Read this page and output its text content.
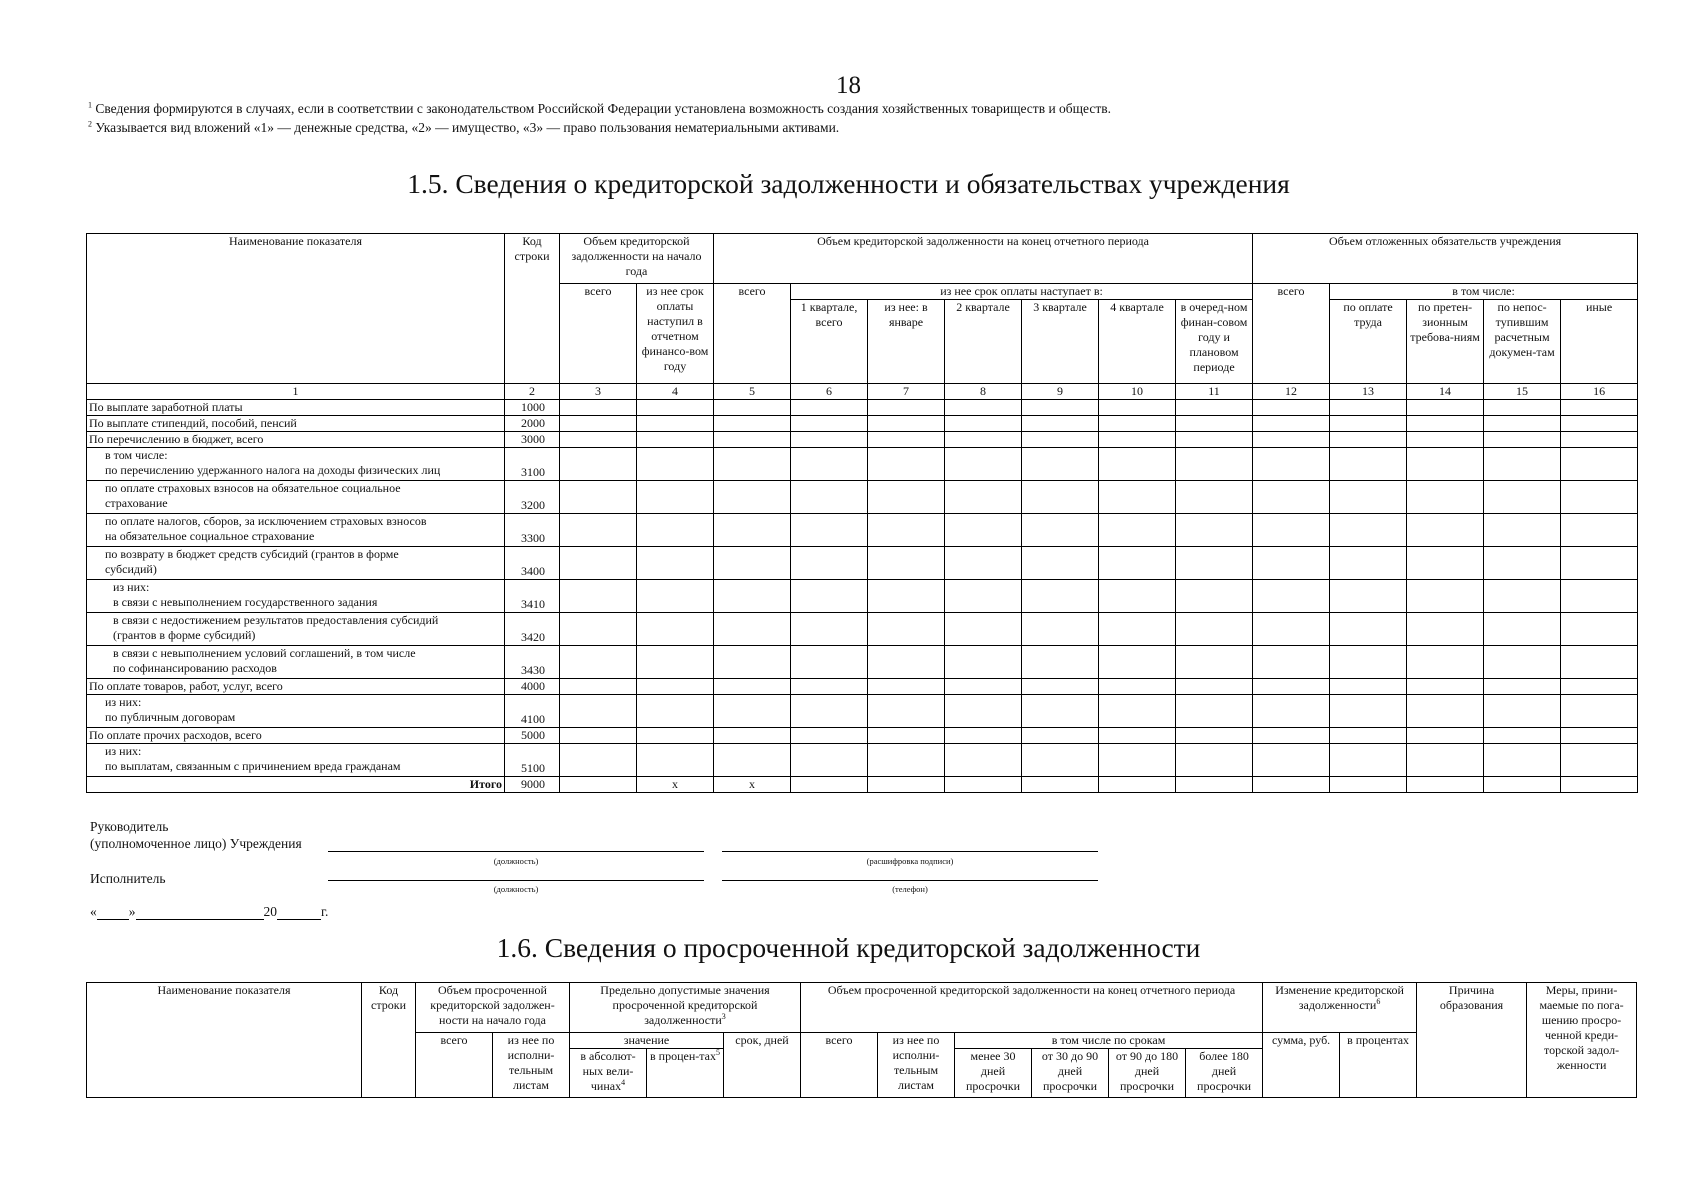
18
$^1$ Сведения формируются в случаях, если в соответствии с законодательством Российской Федерации установлена возможность создания хозяйственных товариществ и обществ.
$^2$ Указывается вид вложений «1» — денежные средства, «2» — имущество, «3» — право пользования нематериальными активами.
1.5. Сведения о кредиторской задолженности и обязательствах учреждения
Наименование показателя	Код строки	Объем кредиторской задолженности на начало года		Объем кредиторской задолженности на конец отчетного периода							Объем отложенных обязательств учреждения				
		всего	из нее срок оплаты наступил в отчетном финансо-вом году	всего	из нее срок оплаты наступает в:						всего	в том числе:			
					1 квартале, всего	из нее: в январе	2 квартале	3 квартале	4 квартале	в очеред-ном финан-совом году и плановом периоде		по оплате труда	по претен-зионным требова-ниям	по непос-тупившим расчетным докумен-там	иные
1	2	3	4	5	6	7	8	9	10	11	12	13	14	15	16

По выплате заработной платы	1000														

По выплате стипендий, пособий, пенсий	2000														

По перечислению в бюджет, всего	3000														

в том числе:
по перечислению удержанного налога на доходы физических лиц	3100														

по оплате страховых взносов на обязательное социальное
страхование	3200														

по оплате налогов, сборов, за исключением страховых взносов
на обязательное социальное страхование	3300														

по возврату в бюджет средств субсидий (грантов в форме
субсидий)	3400														

из них:
в связи с невыполнением государственного задания	3410														

в связи с недостижением результатов предоставления субсидий
(грантов в форме субсидий)	3420														

в связи с невыполнением условий соглашений, в том числе
по софинансированию расходов	3430														

По оплате товаров, работ, услуг, всего	4000														

из них:
по публичным договорам	4100														

По оплате прочих расходов, всего	5000														

из них:
по выплатам, связанным с причинением вреда гражданам	5100														
Итого	9000		x	x											
Руководитель
(уполномоченное лицо) Учреждения
(должность)	(расшифровка подписи)
Исполнитель
(должность)	(телефон)
« »	20	г.
1.6. Сведения о просроченной кредиторской задолженности
Наименование показателя	Код строки	Объем просроченной кредиторской задолжен-ности на начало года		Предельно допустимые значения просроченной кредиторской задолженности$^3$			Объем просроченной кредиторской задолженности на конец отчетного периода						Изменение кредиторской задолженности$^6$		Причина образования	Меры, прини-маемые по пога-шению просро-ченной креди-торской задол-женности
		всего	из нее по исполни-тельным листам	значение		срок, дней	всего	из нее по исполни-тельным листам	в том числе по срокам				сумма, руб.	в процентах		
				в абсолют-ных вели-чинах$^4$	в процен-тах$^5$				менее 30 дней просрочки	от 30 до 90 дней просрочки	от 90 до 180 дней просрочки	более 180 дней просрочки				
